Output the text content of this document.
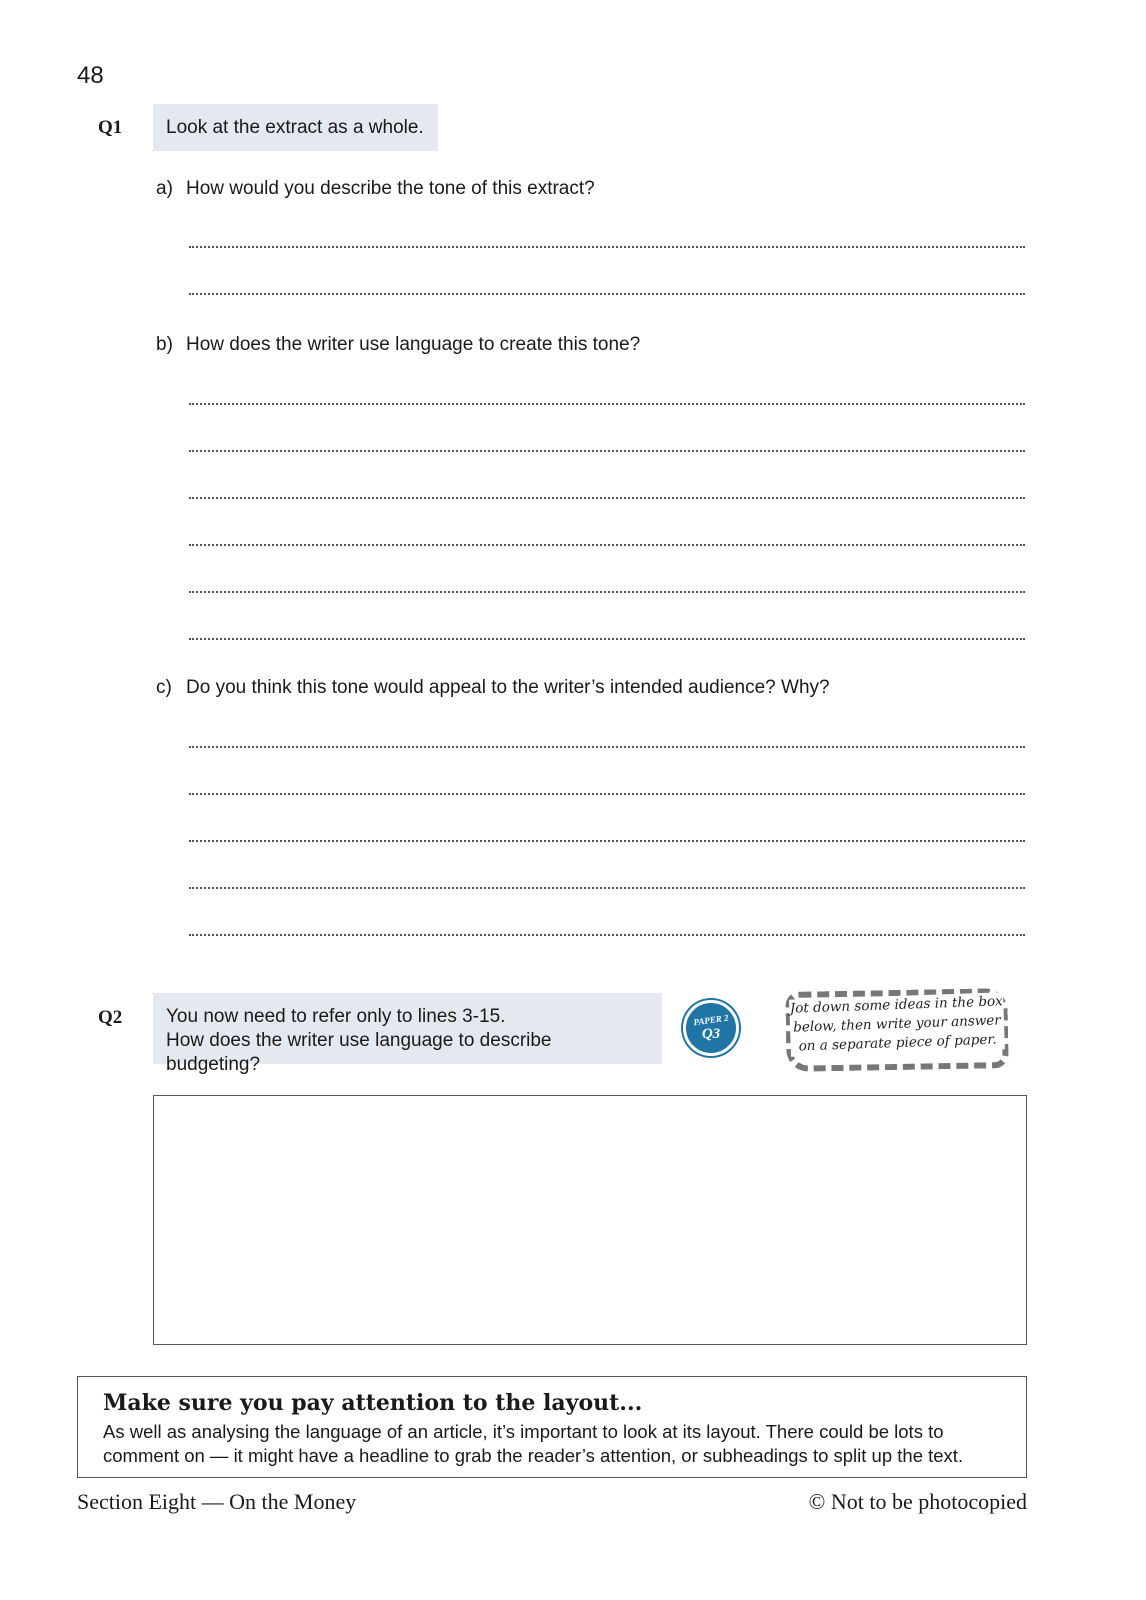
48
Q1	Look at the extract as a whole.
a) How would you describe the tone of this extract?
b) How does the writer use language to create this tone?
c) Do you think this tone would appeal to the writer’s intended audience? Why?
Q2 You now need to refer only to lines 3-15.
How does the writer use language to describe budgeting?
PAPER 2
Q3
Jot down some ideas in the box
below, then write your answer
on a separate piece of paper.
Make sure you pay attention to the layout...
As well as analysing the language of an article, it’s important to look at its layout. There could be lots to
comment on — it might have a headline to grab the reader’s attention, or subheadings to split up the text.
Section Eight — On the Money	© Not to be photocopied
